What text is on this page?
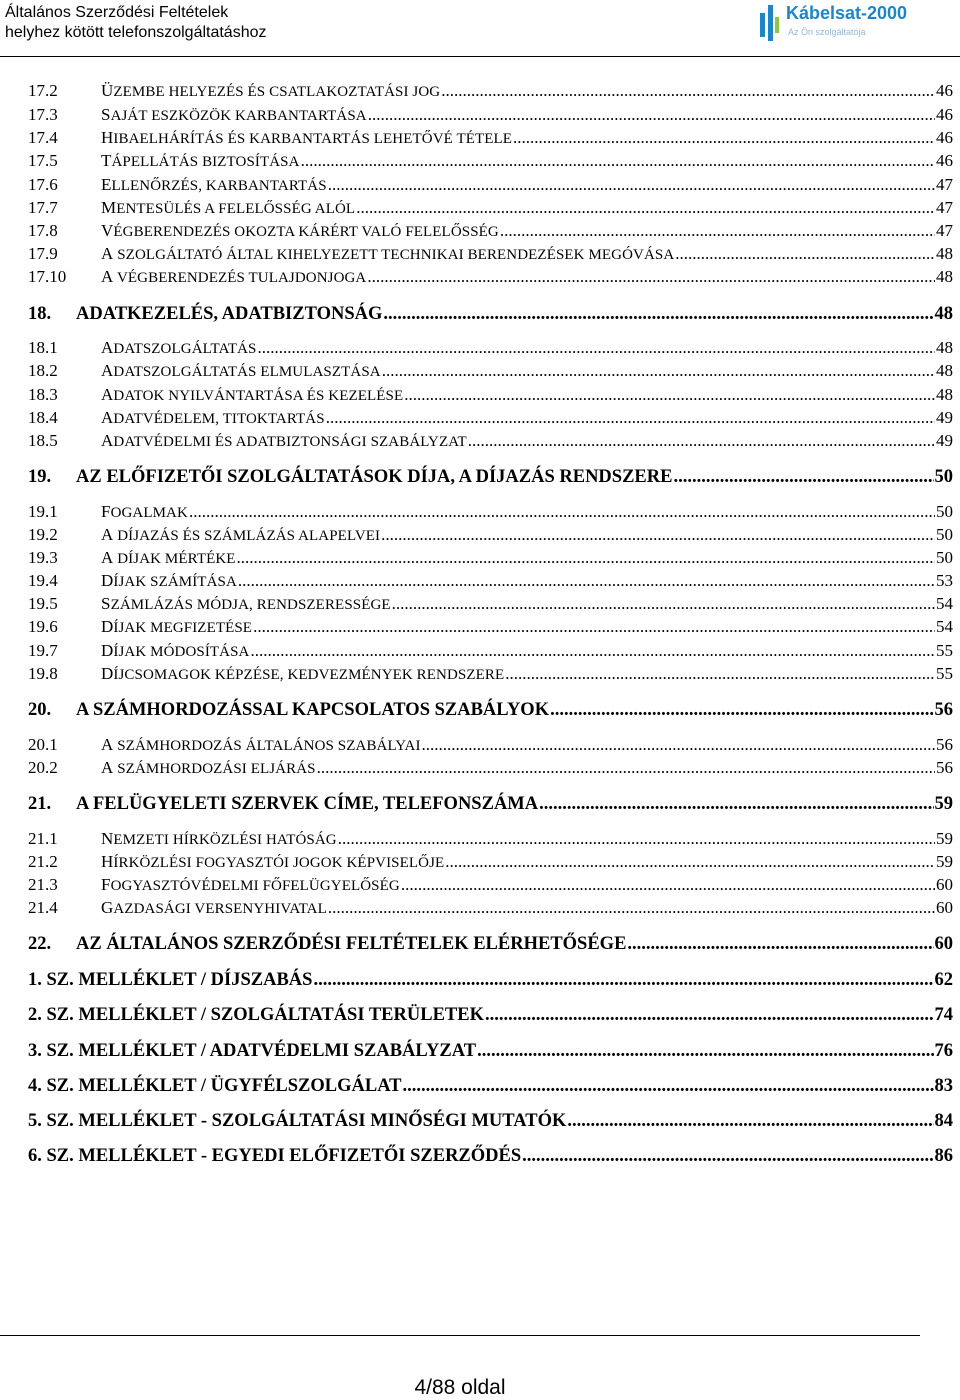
Általános Szerződési Feltételek
helyhez kötött telefonszolgáltatáshoz
Kábelsat-2000
Az Ön szolgáltatója
17.2	ÜZEMBE HELYEZÉS ÉS CSATLAKOZTATÁSI JOG .....	46
17.3	SAJÁT ESZKÖZÖK KARBANTARTÁSA .....	46
17.4	HIBAELHÁRÍTÁS ÉS KARBANTARTÁS LEHETŐVÉ TÉTELE .....	46
17.5	TÁPELLÁTÁS BIZTOSÍTÁSA .....	46
17.6	ELLENŐRZÉS, KARBANTARTÁS .....	47
17.7	MENTESÜLÉS A FELELŐSSÉG ALÓL .....	47
17.8	VÉGBERENDEZÉS OKOZTA KÁRÉRT VALÓ FELELŐSSÉG .....	47
17.9	A SZOLGÁLTATÓ ÁLTAL KIHELYEZETT TECHNIKAI BERENDEZÉSEK MEGÓVÁSA .....	48
17.10	A VÉGBERENDEZÉS TULAJDONJOGA .....	48
18.	ADATKEZELÉS, ADATBIZTONSÁG .....	48
18.1	ADATSZOLGÁLTATÁS .....	48
18.2	ADATSZOLGÁLTATÁS ELMULASZTÁSA .....	48
18.3	ADATOK NYILVÁNTARTÁSA ÉS KEZELÉSE .....	48
18.4	ADATVÉDELEM, TITOKTARTÁS .....	49
18.5	ADATVÉDELMI ÉS ADATBIZTONSÁGI SZABÁLYZAT .....	49
19.	AZ ELŐFIZETŐI SZOLGÁLTATÁSOK DÍJA, A DÍJAZÁS RENDSZERE .....	50
19.1	FOGALMAK .....	50
19.2	A DÍJAZÁS ÉS SZÁMLÁZÁS ALAPELVEI .....	50
19.3	A DÍJAK MÉRTÉKE .....	50
19.4	DÍJAK SZÁMÍTÁSA .....	53
19.5	SZÁMLÁZÁS MÓDJA, RENDSZERESSÉGE .....	54
19.6	DÍJAK MEGFIZETÉSE .....	54
19.7	DÍJAK MÓDOSÍTÁSA .....	55
19.8	DÍJCSOMAGOK KÉPZÉSE, KEDVEZMÉNYEK RENDSZERE .....	55
20.	A SZÁMHORDOZÁSSAL KAPCSOLATOS SZABÁLYOK .....	56
20.1	A SZÁMHORDOZÁS ÁLTALÁNOS SZABÁLYAI .....	56
20.2	A SZÁMHORDOZÁSI ELJÁRÁS .....	56
21.	A FELÜGYELETI SZERVEK CÍME, TELEFONSZÁMA .....	59
21.1	NEMZETI HÍRKÖZLÉSI HATÓSÁG .....	59
21.2	HÍRKÖZLÉSI FOGYASZTÓI JOGOK KÉPVISELŐJE .....	59
21.3	FOGYASZTÓVÉDELMI FŐFELÜGYELŐSÉG .....	60
21.4	GAZDASÁGI VERSENYHIVATAL .....	60
22.	AZ ÁLTALÁNOS SZERZŐDÉSI FELTÉTELEK ELÉRHETŐSÉGE .....	60
1. SZ. MELLÉKLET / DÍJSZABÁS .....	62
2. SZ. MELLÉKLET / SZOLGÁLTATÁSI TERÜLETEK .....	74
3. SZ. MELLÉKLET / ADATVÉDELMI SZABÁLYZAT .....	76
4. SZ. MELLÉKLET / ÜGYFÉLSZOLGÁLAT .....	83
5. SZ. MELLÉKLET - SZOLGÁLTATÁSI MINŐSÉGI MUTATÓK .....	84
6. SZ. MELLÉKLET - EGYEDI ELŐFIZETŐI SZERZŐDÉS .....	86
4/88 oldal
